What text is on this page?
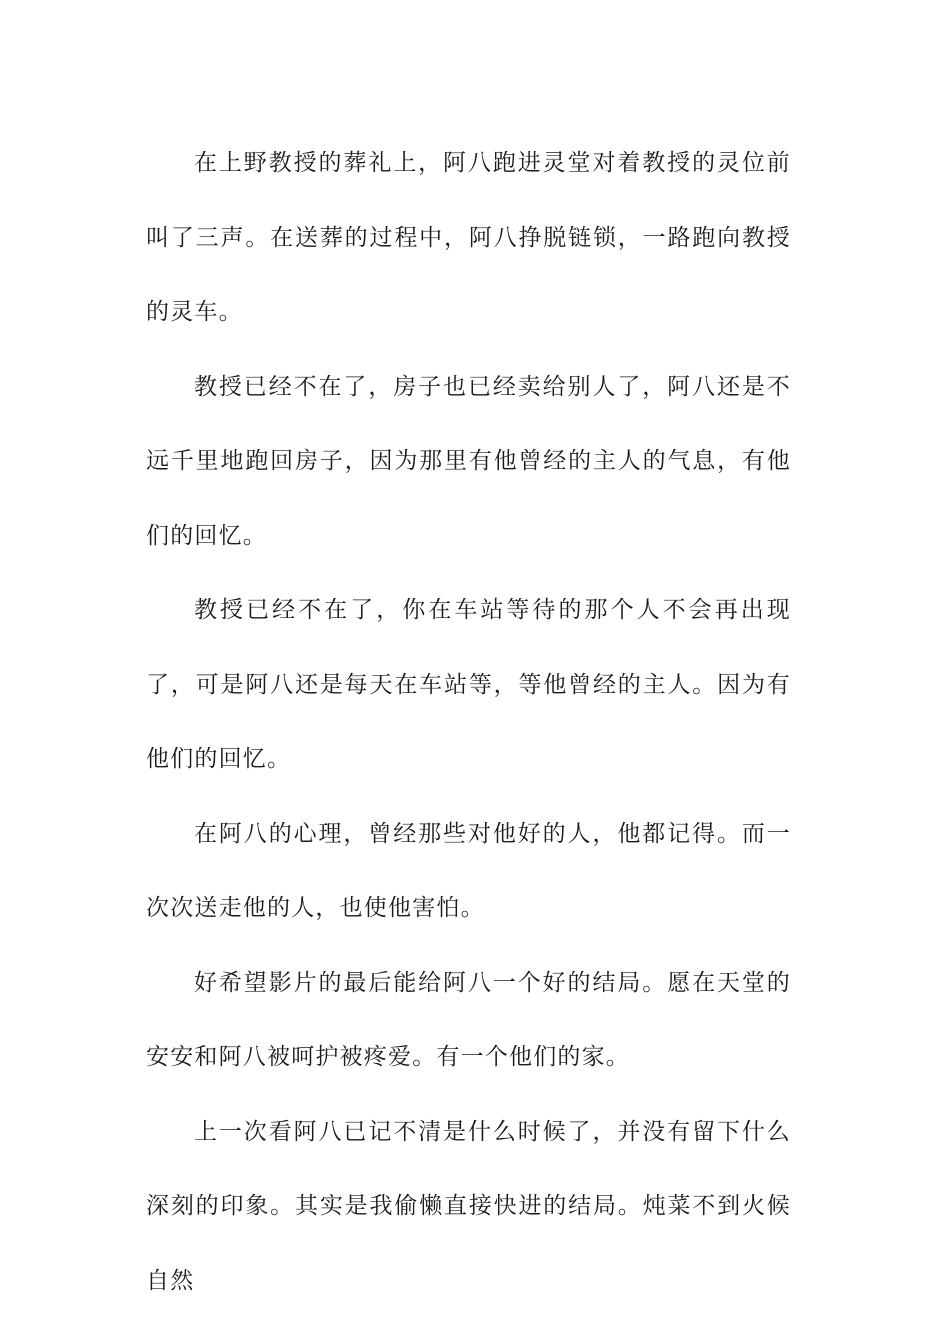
在上野教授的葬礼上，阿八跑进灵堂对着教授的灵位前叫了三声。在送葬的过程中，阿八挣脱链锁，一路跑向教授的灵车。

教授已经不在了，房子也已经卖给别人了，阿八还是不远千里地跑回房子，因为那里有他曾经的主人的气息，有他们的回忆。

教授已经不在了，你在车站等待的那个人不会再出现了，可是阿八还是每天在车站等，等他曾经的主人。因为有他们的回忆。

在阿八的心理，曾经那些对他好的人，他都记得。而一次次送走他的人，也使他害怕。

好希望影片的最后能给阿八一个好的结局。愿在天堂的安安和阿八被呵护被疼爱。有一个他们的家。

上一次看阿八已记不清是什么时候了，并没有留下什么深刻的印象。其实是我偷懒直接快进的结局。炖菜不到火候自然
